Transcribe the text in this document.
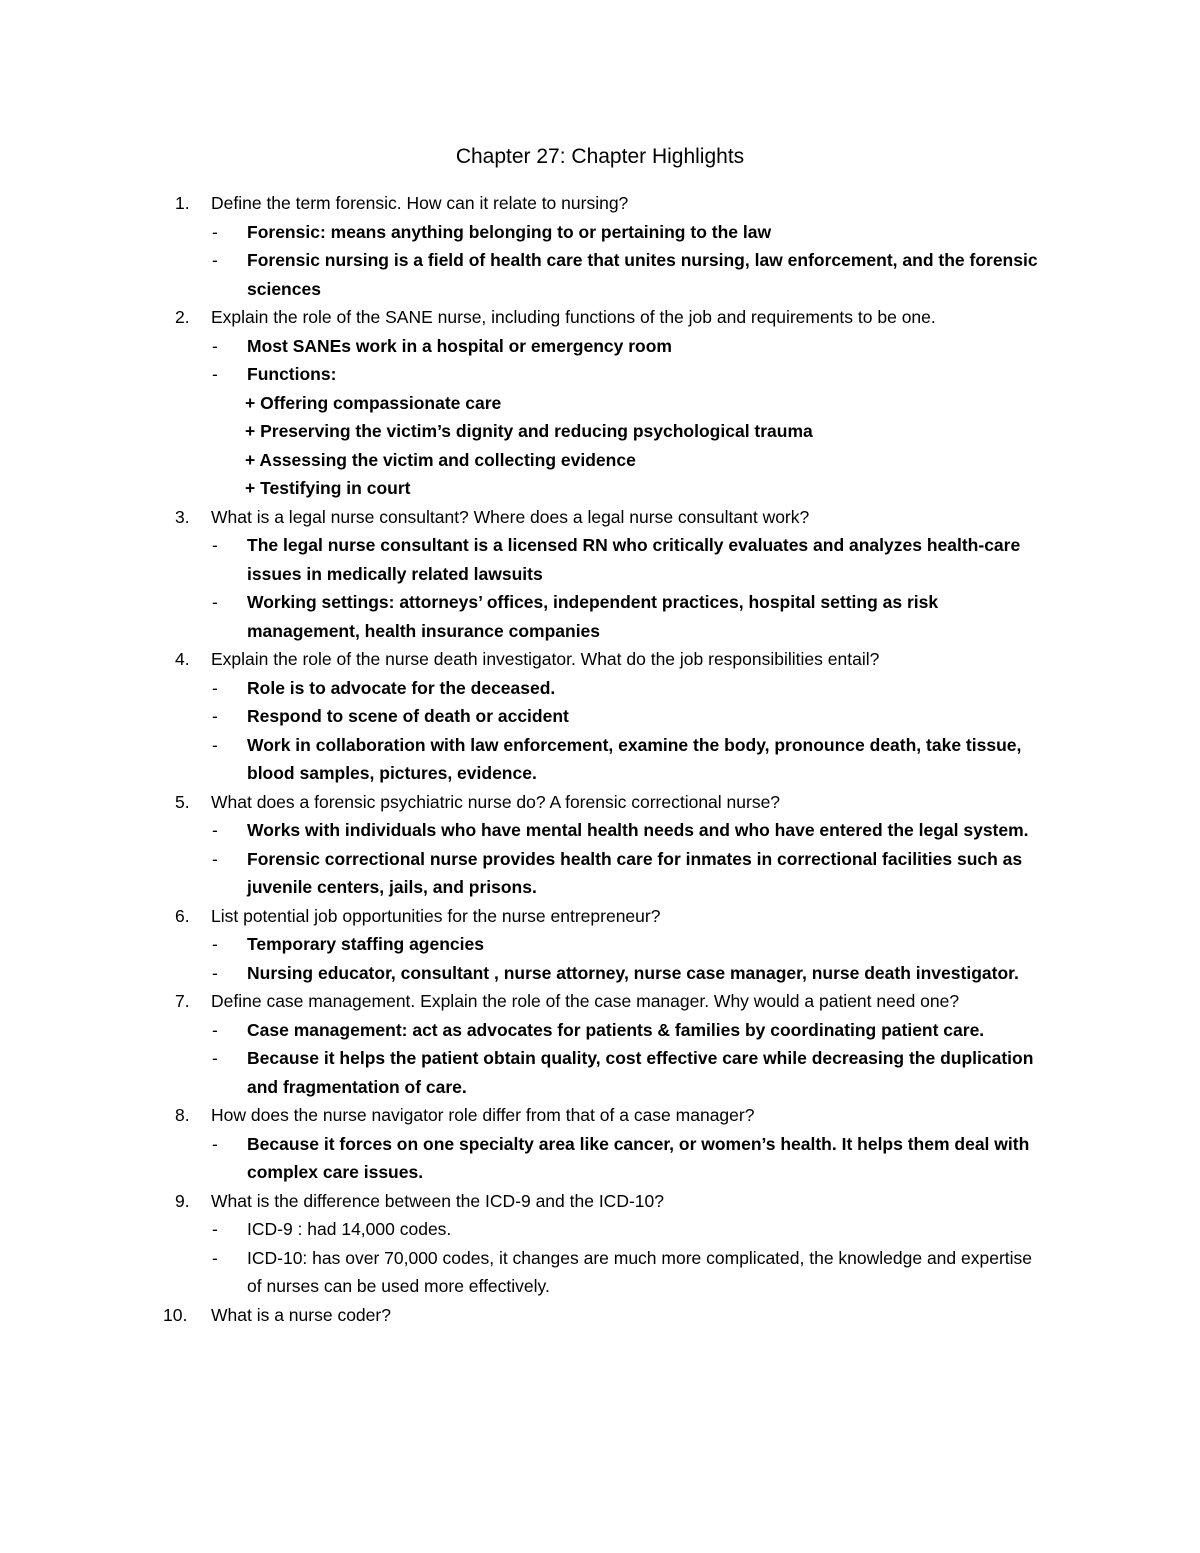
Chapter 27: Chapter Highlights
1. Define the term forensic. How can it relate to nursing?
- Forensic: means anything belonging to or pertaining to the law
- Forensic nursing is a field of health care that unites nursing, law enforcement, and the forensic sciences
2. Explain the role of the SANE nurse, including functions of the job and requirements to be one.
- Most SANEs work in a hospital or emergency room
- Functions:
+ Offering compassionate care
+ Preserving the victim’s dignity and reducing psychological trauma
+ Assessing the victim and collecting evidence
+ Testifying in court
3. What is a legal nurse consultant? Where does a legal nurse consultant work?
- The legal nurse consultant is a licensed RN who critically evaluates and analyzes health-care issues in medically related lawsuits
- Working settings: attorneys’ offices, independent practices, hospital setting as risk management, health insurance companies
4. Explain the role of the nurse death investigator. What do the job responsibilities entail?
- Role is to advocate for the deceased.
- Respond to scene of death or accident
- Work in collaboration with law enforcement, examine the body, pronounce death, take tissue, blood samples, pictures, evidence.
5. What does a forensic psychiatric nurse do? A forensic correctional nurse?
- Works with individuals who have mental health needs and who have entered the legal system.
- Forensic correctional nurse provides health care for inmates in correctional facilities such as juvenile centers, jails, and prisons.
6. List potential job opportunities for the nurse entrepreneur?
- Temporary staffing agencies
- Nursing educator, consultant , nurse attorney, nurse case manager, nurse death investigator.
7. Define case management. Explain the role of the case manager. Why would a patient need one?
- Case management: act as advocates for patients & families by coordinating patient care.
- Because it helps the patient obtain quality, cost effective care while decreasing the duplication and fragmentation of care.
8. How does the nurse navigator role differ from that of a case manager?
- Because it forces on one specialty area like cancer, or women’s health. It helps them deal with complex care issues.
9. What is the difference between the ICD-9 and the ICD-10?
- ICD-9 : had 14,000 codes.
- ICD-10: has over 70,000 codes, it changes are much more complicated, the knowledge and expertise of nurses can be used more effectively.
10. What is a nurse coder?
